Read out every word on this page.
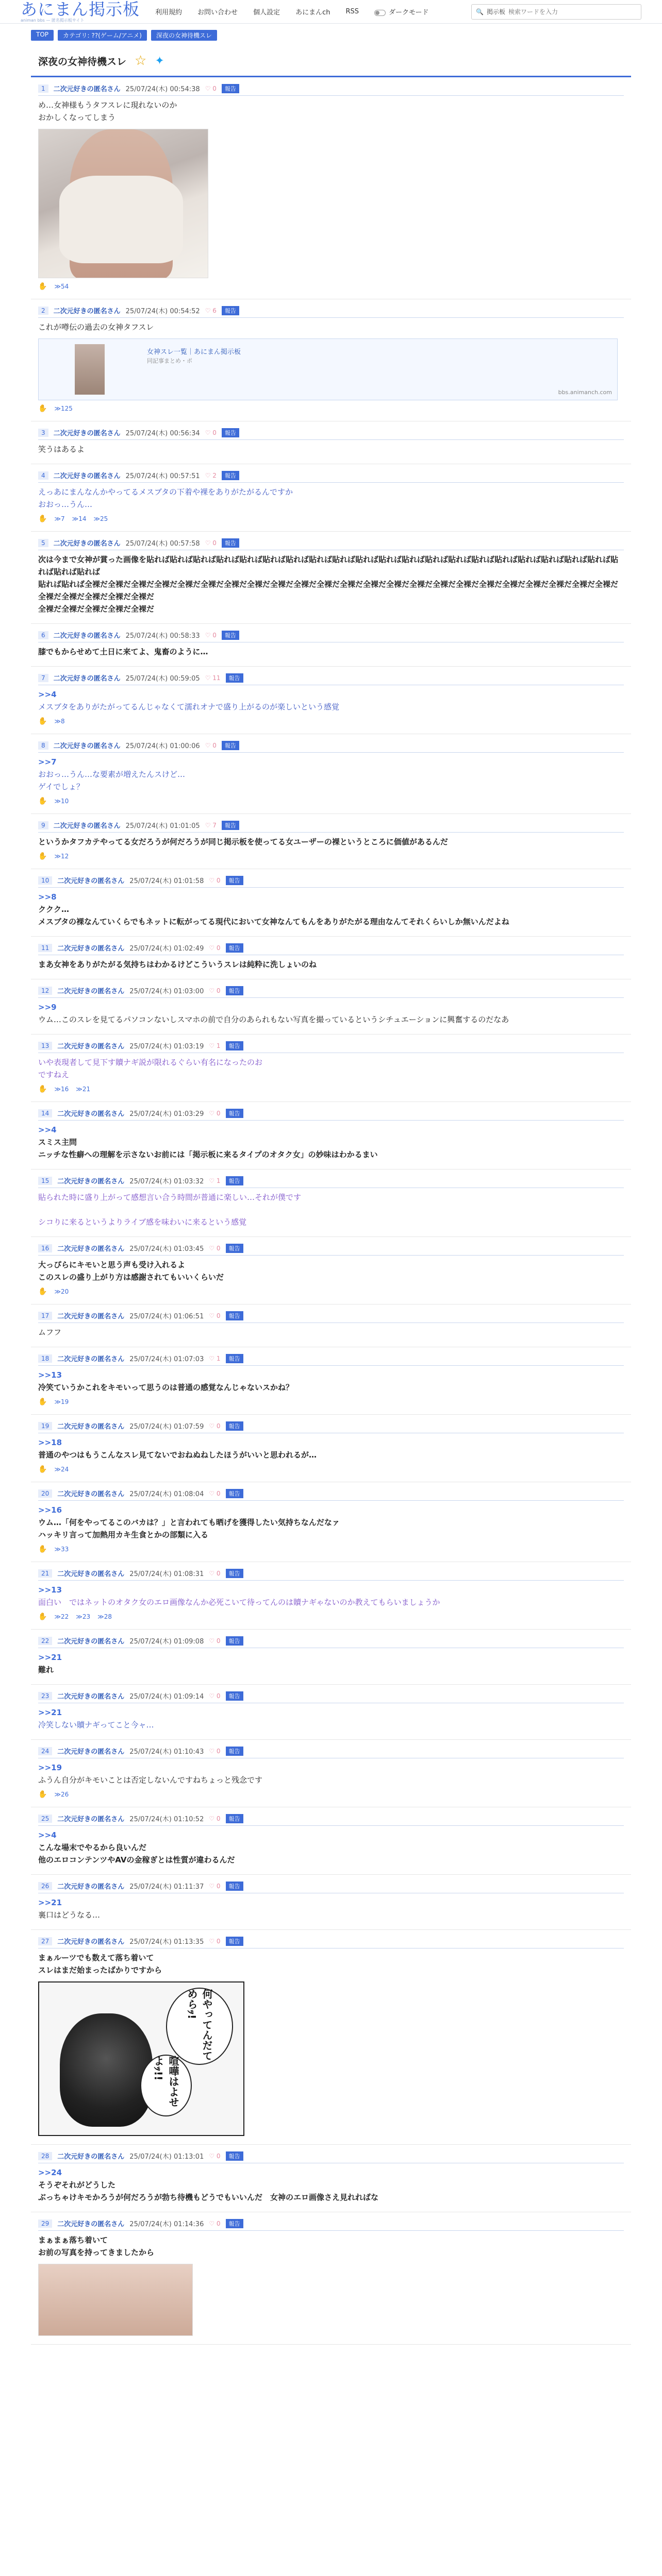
あにまん掲示板
animan bbs — 匿名掲示板サイト
利用規約 お問い合わせ 個人設定 あにまんch RSS	ダークモード	🔍 掲示板
検索ワードを入力
TOP	カテゴリ: ??(ゲーム/アニメ)	深夜の女神待機スレ
深夜の女神待機スレ ☆ ✦
1	二次元好きの匿名さん 25/07/24(木) 00:54:38 ♡ 0	報告
め…女神様もうタフスレに現れないのか
おかしくなってしまう
✋ ≫54
2	二次元好きの匿名さん 25/07/24(木) 00:54:52 ♡ 6	報告
これが噂伝の過去の女神タフスレ
女神スレ一覧｜あにまん掲示板
同記事まとめ・ポ
bbs.animanch.com
✋ ≫125
3	二次元好きの匿名さん 25/07/24(木) 00:56:34 ♡ 0	報告
笑うはあるよ
4	二次元好きの匿名さん 25/07/24(木) 00:57:51 ♡ 2	報告
えっあにまんなんかやってるメスブタの下着や裸をありがたがるんですか
おおっ…うん…
✋ ≫7 ≫14 ≫25
5	二次元好きの匿名さん 25/07/24(木) 00:57:58 ♡ 0	報告
次は今まで女神が賞った画像を貼れば貼れば貼れば貼れば貼れば貼れば貼れば貼れば貼れば貼れば貼れば貼れば貼れば貼れば貼れば貼れば貼れば貼れば貼れば貼れば貼れば貼れば貼れば
貼れば貼れば全裸だ全裸だ全裸だ全裸だ全裸だ全裸だ全裸だ全裸だ全裸だ全裸だ全裸だ全裸だ全裸だ全裸だ全裸だ全裸だ全裸だ全裸だ全裸だ全裸だ全裸だ全裸だ全裸だ全裸だ全裸だ全裸だ全裸だ全裸だ
全裸だ全裸だ全裸だ全裸だ全裸だ
6	二次元好きの匿名さん 25/07/24(木) 00:58:33 ♡ 0	報告
膝でもからせめて土日に来てよ、鬼畜のように…
7	二次元好きの匿名さん 25/07/24(木) 00:59:05 ♡ 11	報告
>>4
メスブタをありがたがってるんじゃなくて濡れオナで盛り上がるのが楽しいという感覚
✋ ≫8
8	二次元好きの匿名さん 25/07/24(木) 01:00:06 ♡ 0	報告
>>7
おおっ…うん…な要素が増えたんスけど…
ゲイでしょ？
✋ ≫10
9	二次元好きの匿名さん 25/07/24(木) 01:01:05 ♡ 7	報告
というかタフカテやってる女だろうが何だろうが同じ掲示板を使ってる女ユーザーの裸というところに価値があるんだ
✋ ≫12
10	二次元好きの匿名さん 25/07/24(木) 01:01:58 ♡ 0	報告
>>8
ククク…
メスブタの裸なんていくらでもネットに転がってる現代において女神なんてもんをありがたがる理由なんてそれくらいしか無いんだよね
11	二次元好きの匿名さん 25/07/24(木) 01:02:49 ♡ 0	報告
まあ女神をありがたがる気持ちはわかるけどこういうスレは純粋に洗しょいのね
12	二次元好きの匿名さん 25/07/24(木) 01:03:00 ♡ 0	報告
>>9
ウム…このスレを見てるパソコンないしスマホの前で自分のあられもない写真を撮っているというシチュエーションに興奮するのだなあ
13	二次元好きの匿名さん 25/07/24(木) 01:03:19 ♡ 1	報告
いや表現者して見下す贖ナギ説が限れるぐらい有名になったのお
ですねえ
✋ ≫16 ≫21
14	二次元好きの匿名さん 25/07/24(木) 01:03:29 ♡ 0	報告
>>4
スミス主問
ニッチな性癖への理解を示さないお前には「掲示板に来るタイプのオタク女」の妙味はわかるまい
15	二次元好きの匿名さん 25/07/24(木) 01:03:32 ♡ 1	報告
貼られた時に盛り上がって感想言い合う時間が普通に楽しい…それが僕です

シコりに来るというよりライブ感を味わいに来るという感覚
16	二次元好きの匿名さん 25/07/24(木) 01:03:45 ♡ 0	報告
大っぴらにキモいと思う声も受け入れるよ
このスレの盛り上がり方は感謝されてもいいくらいだ
✋ ≫20
17	二次元好きの匿名さん 25/07/24(木) 01:06:51 ♡ 0	報告
ムフフ
18	二次元好きの匿名さん 25/07/24(木) 01:07:03 ♡ 1	報告
>>13
冷笑ていうかこれをキモいって思うのは普通の感覚なんじゃないスかね？
✋ ≫19
19	二次元好きの匿名さん 25/07/24(木) 01:07:59 ♡ 0	報告
>>18
普通のやつはもうこんなスレ見てないでおねぬねしたほうがいいと思われるが…
✋ ≫24
20	二次元好きの匿名さん 25/07/24(木) 01:08:04 ♡ 0	報告
>>16
ウム…「何をやってるこのバカは？」と言われても晒げを獲得したい気持ちなんだなァ
ハッキリ言って加熱用カキ生食とかの部類に入る
✋ ≫33
21	二次元好きの匿名さん 25/07/24(木) 01:08:31 ♡ 0	報告
>>13
面白い　ではネットのオタク女のエロ画像なんか必死こいて待ってんのは贖ナギゃないのか教えてもらいましょうか
✋ ≫22 ≫23 ≫28
22	二次元好きの匿名さん 25/07/24(木) 01:09:08 ♡ 0	報告
>>21
難れ
23	二次元好きの匿名さん 25/07/24(木) 01:09:14 ♡ 0	報告
>>21
冷笑しない贖ナギってこと今ャ…
24	二次元好きの匿名さん 25/07/24(木) 01:10:43 ♡ 0	報告
>>19
ふうん自分がキモいことは否定しないんですねちょっと残念です
✋ ≫26
25	二次元好きの匿名さん 25/07/24(木) 01:10:52 ♡ 0	報告
>>4
こんな場末でやるから良いんだ
他のエロコンテンツやAVの金稼ぎとは性質が違わるんだ
26	二次元好きの匿名さん 25/07/24(木) 01:11:37 ♡ 0	報告
>>21
裏口はどうなる…
27	二次元好きの匿名さん 25/07/24(木) 01:13:35 ♡ 0	報告
まぁルーツでも数えて落ち着いて
スレはまだ始まったばかりですから
何やってんだてめらｯ!
喧嘩はよせよｯ!!
28	二次元好きの匿名さん 25/07/24(木) 01:13:01 ♡ 0	報告
>>24
そうぞそれがどうした
ぶっちゃけキモかろうが何だろうが勃ち待機もどうでもいいんだ　女神のエロ画像さえ見れればな
29	二次元好きの匿名さん 25/07/24(木) 01:14:36 ♡ 0	報告
まぁまぁ落ち着いて
お前の写真を持ってきましたから
